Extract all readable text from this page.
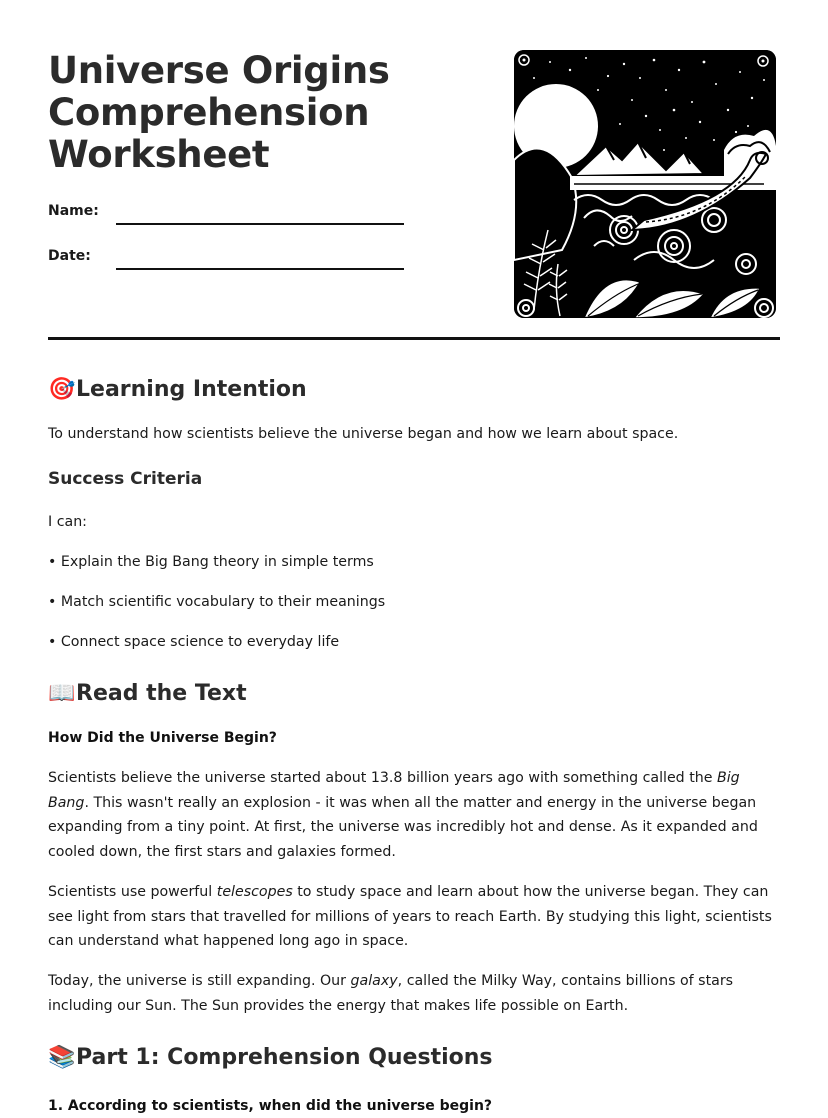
Universe Origins
Comprehension
Worksheet
Name:
Date:
🎯Learning Intention

To understand how scientists believe the universe began and how we learn about space.

Success Criteria

I can:

• Explain the Big Bang theory in simple terms

• Match scientific vocabulary to their meanings

• Connect space science to everyday life

📖Read the Text
How Did the Universe Begin?

Scientists believe the universe started about 13.8 billion years ago with something called the Big Bang. This wasn't really an explosion - it was when all the matter and energy in the universe began expanding from a tiny point. At first, the universe was incredibly hot and dense. As it expanded and cooled down, the first stars and galaxies formed.

Scientists use powerful telescopes to study space and learn about how the universe began. They can see light from stars that travelled for millions of years to reach Earth. By studying this light, scientists can understand what happened long ago in space.

Today, the universe is still expanding. Our galaxy, called the Milky Way, contains billions of stars including our Sun. The Sun provides the energy that makes life possible on Earth.

📚Part 1: Comprehension Questions
1. According to scientists, when did the universe begin?
